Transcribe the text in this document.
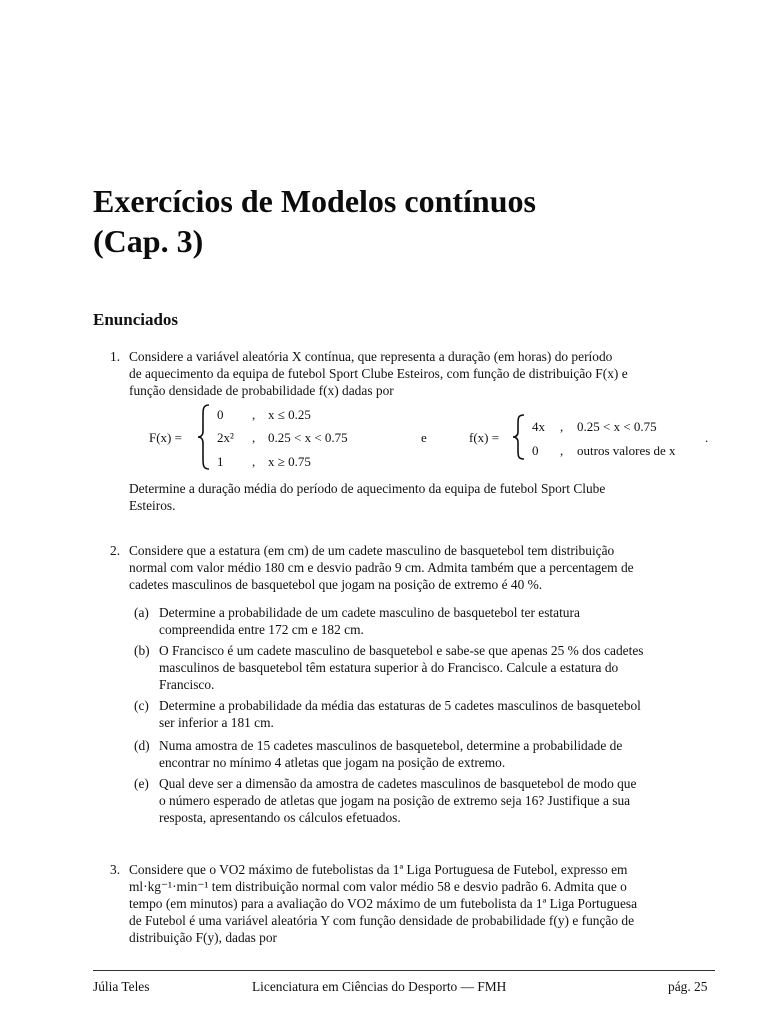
Exercícios de Modelos contínuos
(Cap. 3)
Enunciados
1. Considere a variável aleatória X contínua, que representa a duração (em horas) do período
de aquecimento da equipa de futebol Sport Clube Esteiros, com função de distribuição F(x) e
função densidade de probabilidade f(x) dadas por
F(x) =
0 , x ≤ 0.25
2x² , 0.25 < x < 0.75
1 , x ≥ 0.75
e	f(x) =
4x , 0.25 < x < 0.75
0 , outros valores de x
.
Determine a duração média do período de aquecimento da equipa de futebol Sport Clube
Esteiros.
2. Considere que a estatura (em cm) de um cadete masculino de basquetebol tem distribuição
normal com valor médio 180 cm e desvio padrão 9 cm. Admita também que a percentagem de
cadetes masculinos de basquetebol que jogam na posição de extremo é 40 %.
(a) Determine a probabilidade de um cadete masculino de basquetebol ter estatura
compreendida entre 172 cm e 182 cm.
(b) O Francisco é um cadete masculino de basquetebol e sabe-se que apenas 25 % dos cadetes
masculinos de basquetebol têm estatura superior à do Francisco. Calcule a estatura do
Francisco.
(c) Determine a probabilidade da média das estaturas de 5 cadetes masculinos de basquetebol
ser inferior a 181 cm.
(d) Numa amostra de 15 cadetes masculinos de basquetebol, determine a probabilidade de
encontrar no mínimo 4 atletas que jogam na posição de extremo.
(e) Qual deve ser a dimensão da amostra de cadetes masculinos de basquetebol de modo que
o número esperado de atletas que jogam na posição de extremo seja 16? Justifique a sua
resposta, apresentando os cálculos efetuados.
3. Considere que o VO2 máximo de futebolistas da 1ª Liga Portuguesa de Futebol, expresso em
ml·kg⁻¹·min⁻¹ tem distribuição normal com valor médio 58 e desvio padrão 6. Admita que o
tempo (em minutos) para a avaliação do VO2 máximo de um futebolista da 1ª Liga Portuguesa
de Futebol é uma variável aleatória Y com função densidade de probabilidade f(y) e função de
distribuição F(y), dadas por
Júlia Teles	Licenciatura em Ciências do Desporto — FMH	pág. 25
